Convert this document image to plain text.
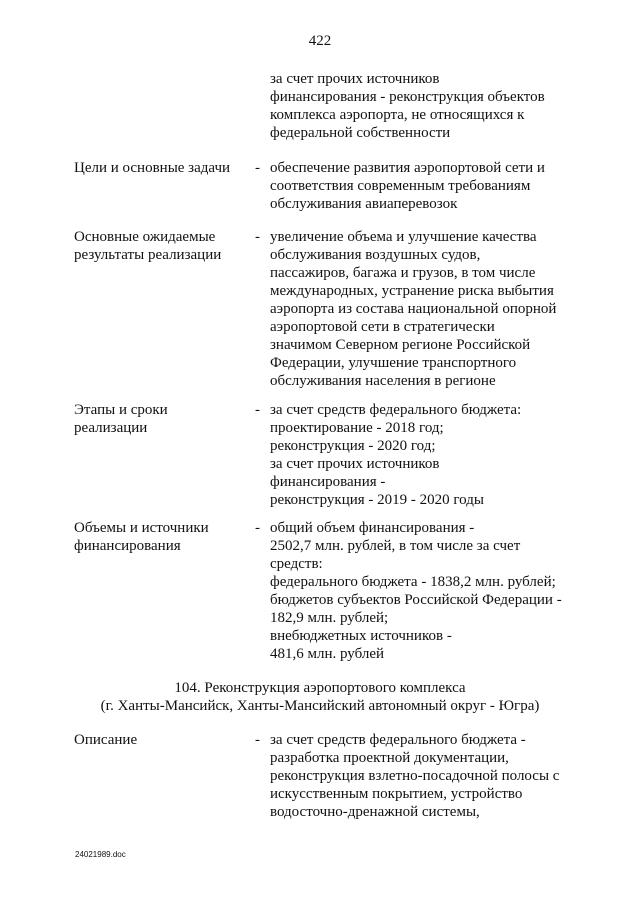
422
за счет прочих источников
финансирования - реконструкция объектов
комплекса аэропорта, не относящихся к
федеральной собственности
Цели и основные задачи - обеспечение развития аэропортовой сети и
соответствия современным требованиям
обслуживания авиаперевозок
Основные ожидаемые
результаты реализации
- увеличение объема и улучшение качества
обслуживания воздушных судов,
пассажиров, багажа и грузов, в том числе
международных, устранение риска выбытия
аэропорта из состава национальной опорной
аэропортовой сети в стратегически
значимом Северном регионе Российской
Федерации, улучшение транспортного
обслуживания населения в регионе
Этапы и сроки
реализации
- за счет средств федерального бюджета:
проектирование - 2018 год;
реконструкция - 2020 год;
за счет прочих источников
финансирования -
реконструкция - 2019 - 2020 годы
Объемы и источники
финансирования
- общий объем финансирования -
2502,7 млн. рублей, в том числе за счет
средств:
федерального бюджета - 1838,2 млн. рублей;
бюджетов субъектов Российской Федерации -
182,9 млн. рублей;
внебюджетных источников -
481,6 млн. рублей
104. Реконструкция аэропортового комплекса
(г. Ханты-Мансийск, Ханты-Мансийский автономный округ - Югра)
Описание	- за счет средств федерального бюджета -
разработка проектной документации,
реконструкция взлетно-посадочной полосы с
искусственным покрытием, устройство
водосточно-дренажной системы,
24021989.doc
